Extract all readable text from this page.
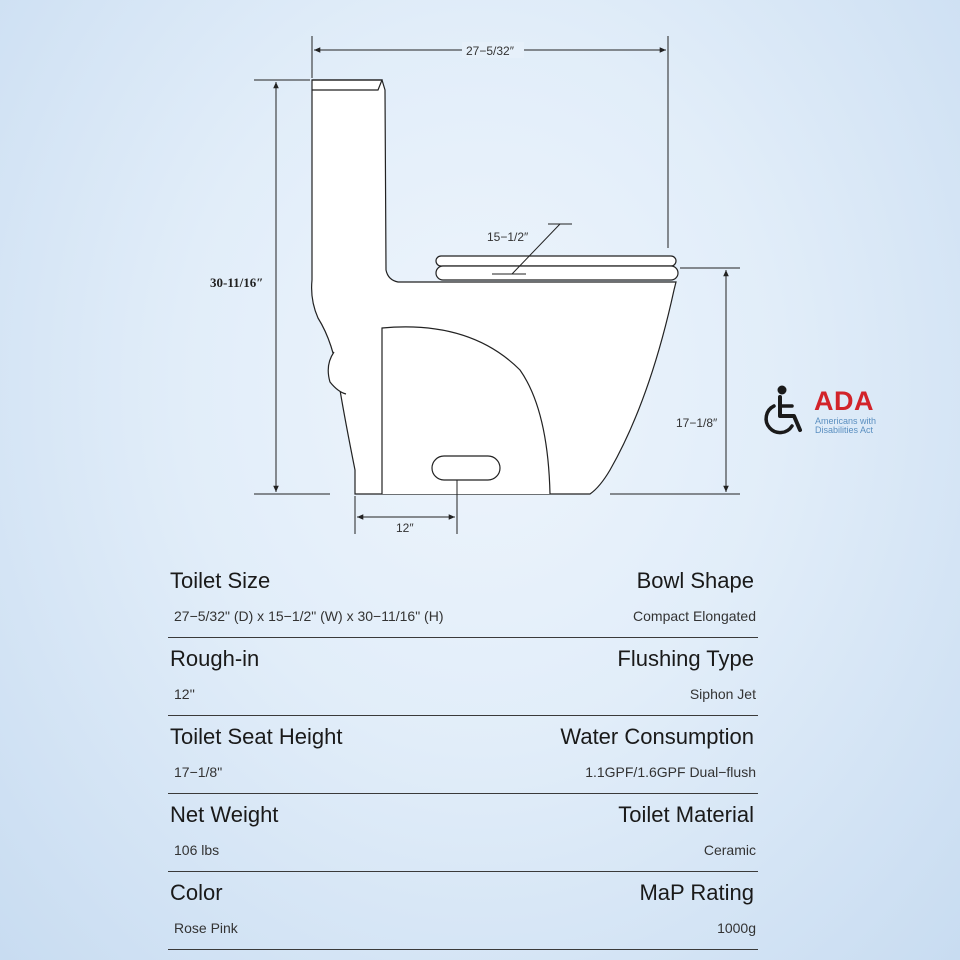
27−5/32″
30-11/16″
15−1/2″
17−1/8″
12″
ADA
Americans with
Disabilities Act
Toilet Size	Bowl Shape
27−5/32" (D) x 15−1/2" (W) x 30−11/16" (H)	Compact Elongated
Rough-in	Flushing Type
12''	Siphon Jet
Toilet Seat Height	Water Consumption
17−1/8"	1.1GPF/1.6GPF Dual−flush
Net Weight	Toilet Material
106 lbs	Ceramic
Color	MaP Rating
Rose Pink	1000g
